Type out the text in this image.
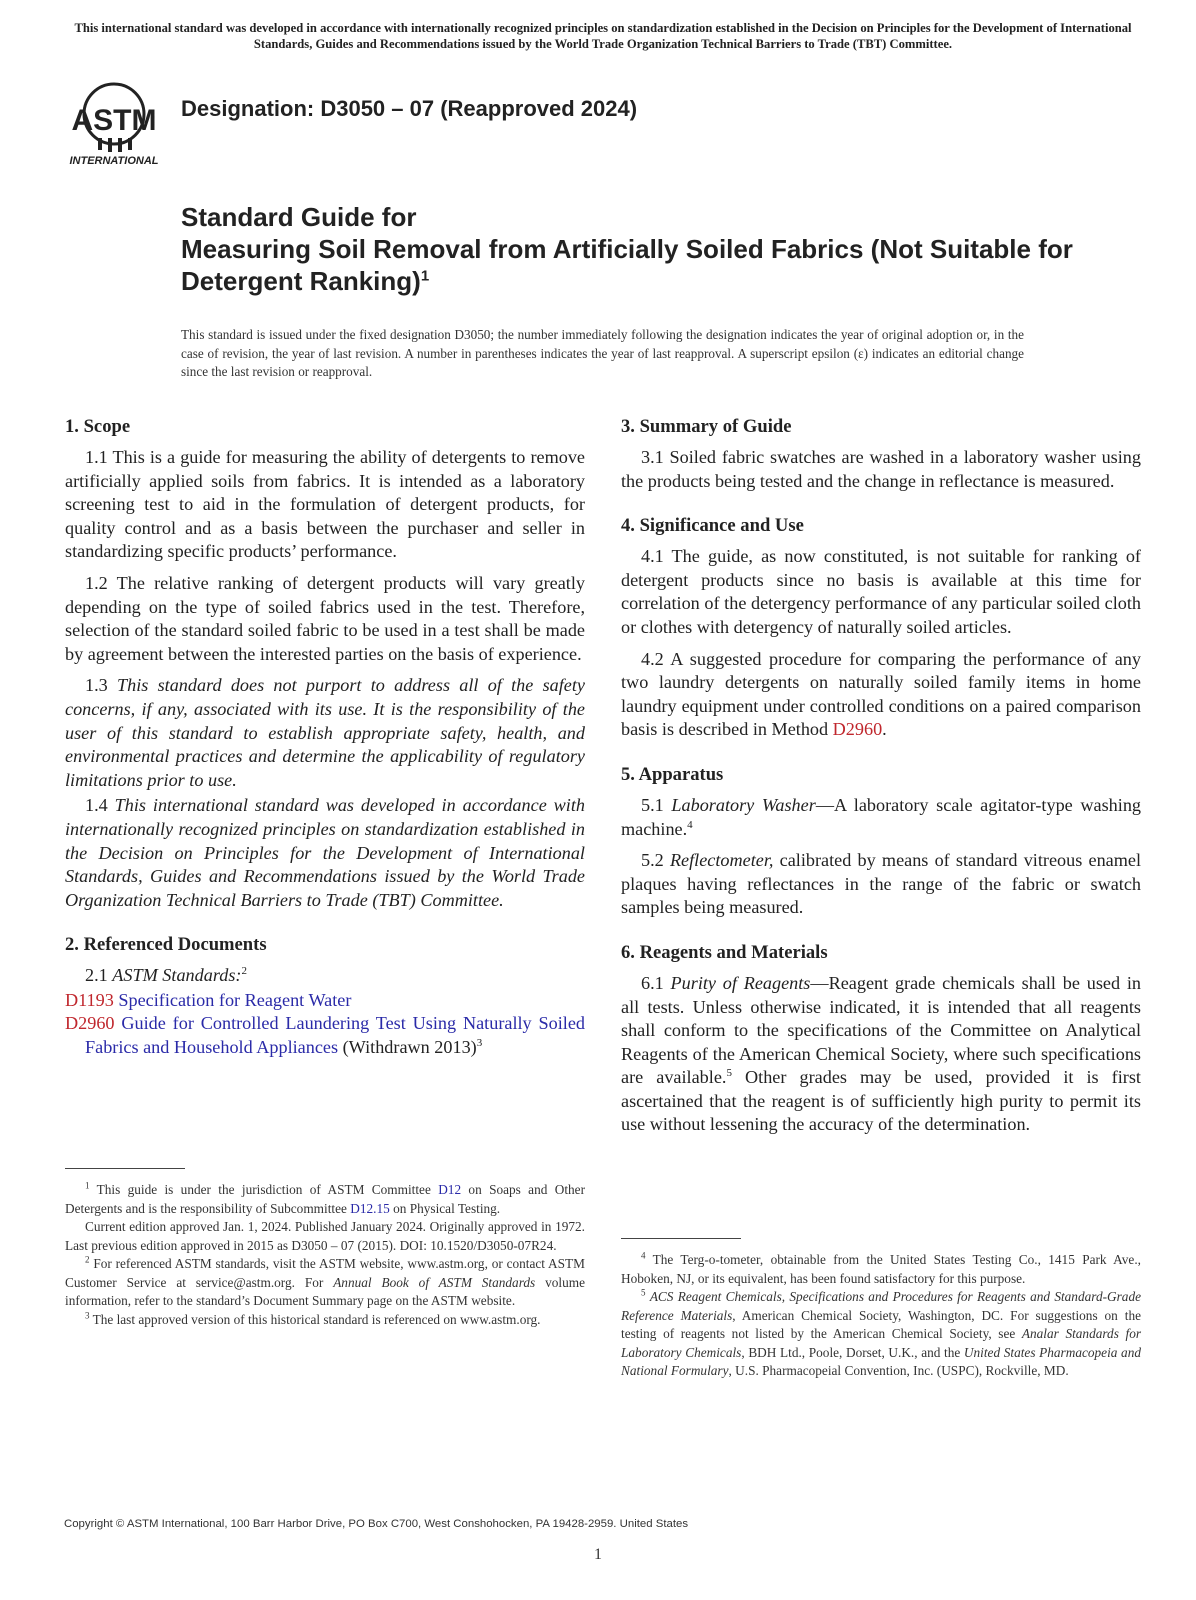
This international standard was developed in accordance with internationally recognized principles on standardization established in the Decision on Principles for the Development of International Standards, Guides and Recommendations issued by the World Trade Organization Technical Barriers to Trade (TBT) Committee.
ASTM
INTERNATIONAL
Designation: D3050 – 07 (Reapproved 2024)
Standard Guide for
Measuring Soil Removal from Artificially Soiled Fabrics (Not Suitable for Detergent Ranking)$^1$
This standard is issued under the fixed designation D3050; the number immediately following the designation indicates the year of original adoption or, in the case of revision, the year of last revision. A number in parentheses indicates the year of last reapproval. A superscript epsilon (ε) indicates an editorial change since the last revision or reapproval.
1. Scope

1.1 This is a guide for measuring the ability of detergents to remove artificially applied soils from fabrics. It is intended as a laboratory screening test to aid in the formulation of detergent products, for quality control and as a basis between the purchaser and seller in standardizing specific products’ performance.

1.2 The relative ranking of detergent products will vary greatly depending on the type of soiled fabrics used in the test. Therefore, selection of the standard soiled fabric to be used in a test shall be made by agreement between the interested parties on the basis of experience.

1.3 This standard does not purport to address all of the safety concerns, if any, associated with its use. It is the responsibility of the user of this standard to establish appropriate safety, health, and environmental practices and determine the applicability of regulatory limitations prior to use.

1.4 This international standard was developed in accordance with internationally recognized principles on standardization established in the Decision on Principles for the Development of International Standards, Guides and Recommendations issued by the World Trade Organization Technical Barriers to Trade (TBT) Committee.

2. Referenced Documents

2.1 ASTM Standards:$^2$

D1193 Specification for Reagent Water

D2960 Guide for Controlled Laundering Test Using Naturally Soiled Fabrics and Household Appliances (Withdrawn 2013)$^3$

$^1$ This guide is under the jurisdiction of ASTM Committee D12 on Soaps and Other Detergents and is the responsibility of Subcommittee D12.15 on Physical Testing.

Current edition approved Jan. 1, 2024. Published January 2024. Originally approved in 1972. Last previous edition approved in 2015 as D3050 – 07 (2015). DOI: 10.1520/D3050-07R24.

$^2$ For referenced ASTM standards, visit the ASTM website, www.astm.org, or contact ASTM Customer Service at service@astm.org. For Annual Book of ASTM Standards volume information, refer to the standard’s Document Summary page on the ASTM website.

$^3$ The last approved version of this historical standard is referenced on www.astm.org.

3. Summary of Guide

3.1 Soiled fabric swatches are washed in a laboratory washer using the products being tested and the change in reflectance is measured.

4. Significance and Use

4.1 The guide, as now constituted, is not suitable for ranking of detergent products since no basis is available at this time for correlation of the detergency performance of any particular soiled cloth or clothes with detergency of naturally soiled articles.

4.2 A suggested procedure for comparing the performance of any two laundry detergents on naturally soiled family items in home laundry equipment under controlled conditions on a paired comparison basis is described in Method D2960.

5. Apparatus

5.1 Laboratory Washer—A laboratory scale agitator-type washing machine.$^4$

5.2 Reflectometer, calibrated by means of standard vitreous enamel plaques having reflectances in the range of the fabric or swatch samples being measured.

6. Reagents and Materials

6.1 Purity of Reagents—Reagent grade chemicals shall be used in all tests. Unless otherwise indicated, it is intended that all reagents shall conform to the specifications of the Committee on Analytical Reagents of the American Chemical Society, where such specifications are available.$^5$ Other grades may be used, provided it is first ascertained that the reagent is of sufficiently high purity to permit its use without lessening the accuracy of the determination.

$^4$ The Terg-o-tometer, obtainable from the United States Testing Co., 1415 Park Ave., Hoboken, NJ, or its equivalent, has been found satisfactory for this purpose.

$^5$ ACS Reagent Chemicals, Specifications and Procedures for Reagents and Standard-Grade Reference Materials, American Chemical Society, Washington, DC. For suggestions on the testing of reagents not listed by the American Chemical Society, see Analar Standards for Laboratory Chemicals, BDH Ltd., Poole, Dorset, U.K., and the United States Pharmacopeia and National Formulary, U.S. Pharmacopeial Convention, Inc. (USPC), Rockville, MD.

Copyright © ASTM International, 100 Barr Harbor Drive, PO Box C700, West Conshohocken, PA 19428-2959. United States
1
